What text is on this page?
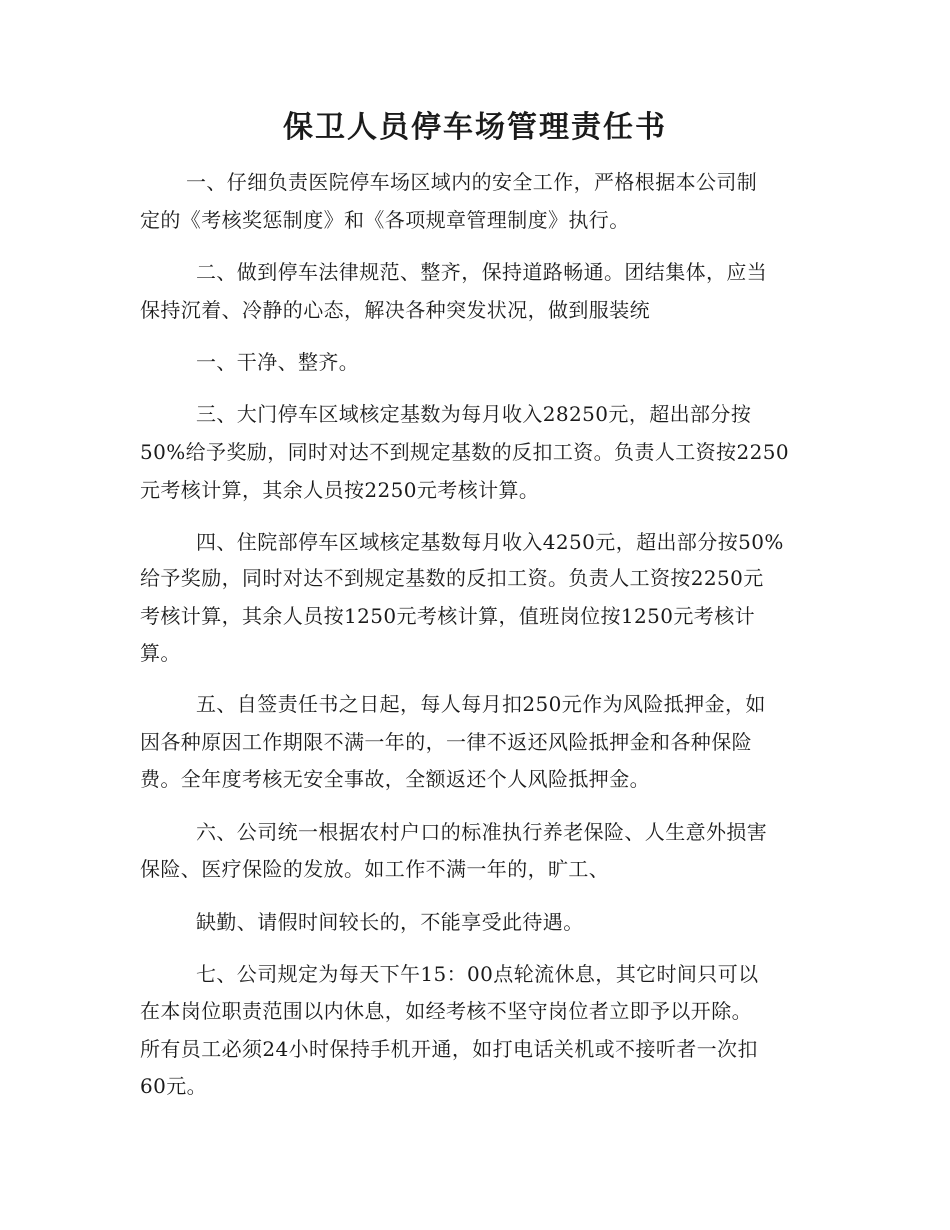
保卫人员停车场管理责任书

一、仔细负责医院停车场区域内的安全工作，严格根据本公司制

定的《考核奖惩制度》和《各项规章管理制度》执行。

二、做到停车法律规范、整齐，保持道路畅通。团结集体，应当

保持沉着、冷静的心态，解决各种突发状况，做到服装统

一、干净、整齐。

三、大门停车区域核定基数为每月收入28250元，超出部分按

50%给予奖励，同时对达不到规定基数的反扣工资。负责人工资按2250

元考核计算，其余人员按2250元考核计算。

四、住院部停车区域核定基数每月收入4250元，超出部分按50%

给予奖励，同时对达不到规定基数的反扣工资。负责人工资按2250元

考核计算，其余人员按1250元考核计算，值班岗位按1250元考核计

算。

五、自签责任书之日起，每人每月扣250元作为风险抵押金，如

因各种原因工作期限不满一年的，一律不返还风险抵押金和各种保险

费。全年度考核无安全事故，全额返还个人风险抵押金。

六、公司统一根据农村户口的标准执行养老保险、人生意外损害

保险、医疗保险的发放。如工作不满一年的，旷工、

缺勤、请假时间较长的，不能享受此待遇。

七、公司规定为每天下午15：00点轮流休息，其它时间只可以

在本岗位职责范围以内休息，如经考核不坚守岗位者立即予以开除。

所有员工必须24小时保持手机开通，如打电话关机或不接听者一次扣

60元。
